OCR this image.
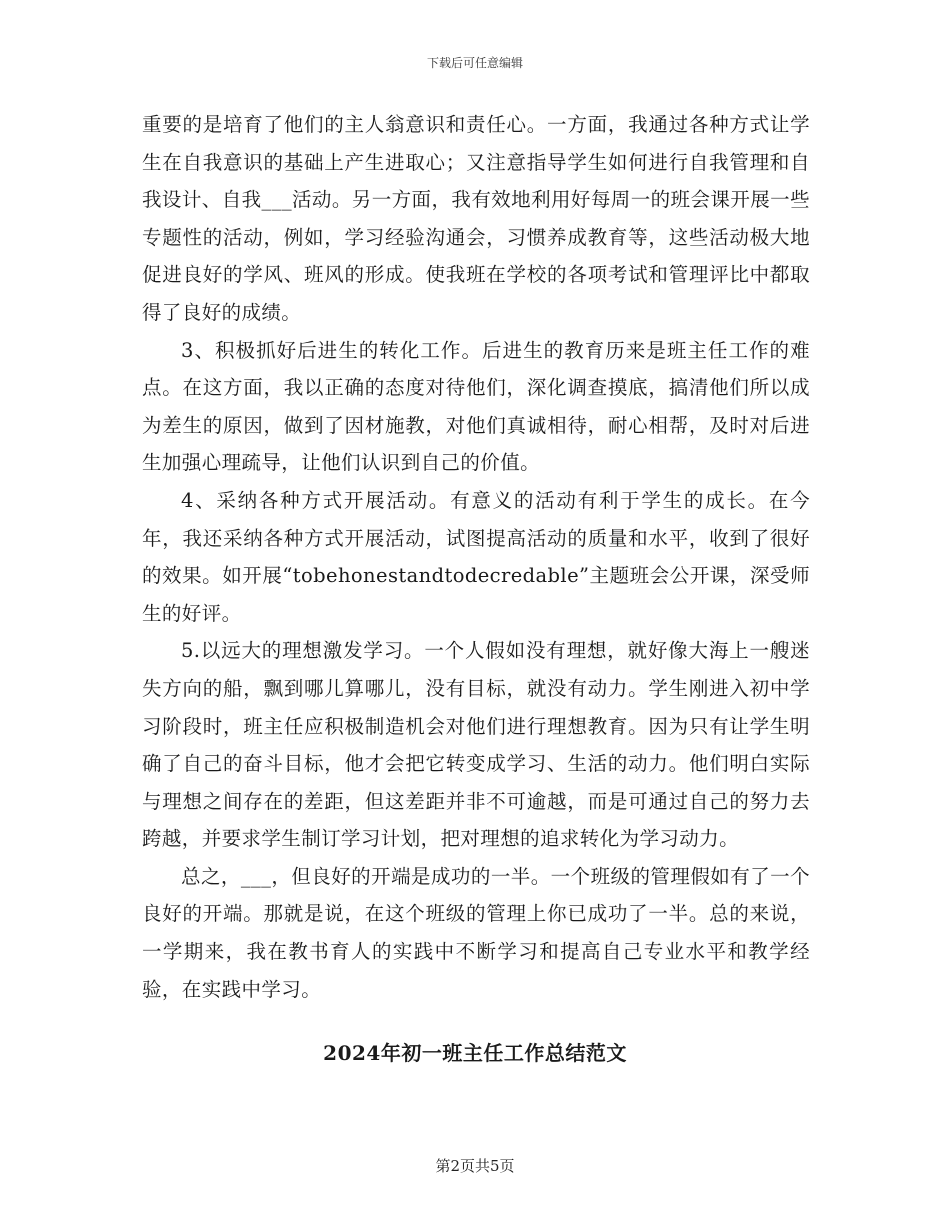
下载后可任意编辑

重要的是培育了他们的主人翁意识和责任心。一方面，我通过各种方式让学生在自我意识的基础上产生进取心；又注意指导学生如何进行自我管理和自我设计、自我___活动。另一方面，我有效地利用好每周一的班会课开展一些专题性的活动，例如，学习经验沟通会，习惯养成教育等，这些活动极大地促进良好的学风、班风的形成。使我班在学校的各项考试和管理评比中都取得了良好的成绩。

3、积极抓好后进生的转化工作。后进生的教育历来是班主任工作的难点。在这方面，我以正确的态度对待他们，深化调查摸底，搞清他们所以成为差生的原因，做到了因材施教，对他们真诚相待，耐心相帮，及时对后进生加强心理疏导，让他们认识到自己的价值。

4、采纳各种方式开展活动。有意义的活动有利于学生的成长。在今年，我还采纳各种方式开展活动，试图提高活动的质量和水平，收到了很好的效果。如开展“tobehonestandtodecredable”主题班会公开课，深受师生的好评。

5.以远大的理想激发学习。一个人假如没有理想，就好像大海上一艘迷失方向的船，飘到哪儿算哪儿，没有目标，就没有动力。学生刚进入初中学习阶段时，班主任应积极制造机会对他们进行理想教育。因为只有让学生明确了自己的奋斗目标，他才会把它转变成学习、生活的动力。他们明白实际与理想之间存在的差距，但这差距并非不可逾越，而是可通过自己的努力去跨越，并要求学生制订学习计划，把对理想的追求转化为学习动力。

总之，___，但良好的开端是成功的一半。一个班级的管理假如有了一个良好的开端。那就是说，在这个班级的管理上你已成功了一半。总的来说，一学期来，我在教书育人的实践中不断学习和提高自己专业水平和教学经验，在实践中学习。

2024年初一班主任工作总结范文
第2页共5页
